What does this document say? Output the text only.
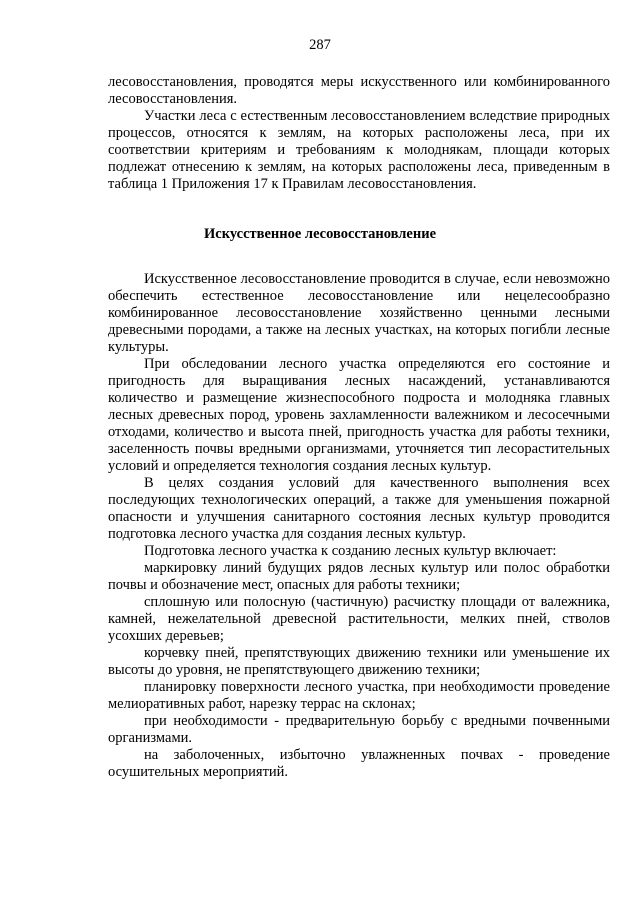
287

лесовосстановления, проводятся меры искусственного или комбинированного лесовосстановления.

Участки леса с естественным лесовосстановлением вследствие природных процессов, относятся к землям, на которых расположены леса, при их соответствии критериям и требованиям к молоднякам, площади которых подлежат отнесению к землям, на которых расположены леса, приведенным в таблица 1 Приложения 17 к Правилам лесовосстановления.

Искусственное лесовосстановление

Искусственное лесовосстановление проводится в случае, если невозможно обеспечить естественное лесовосстановление или нецелесообразно комбинированное лесовосстановление хозяйственно ценными лесными древесными породами, а также на лесных участках, на которых погибли лесные культуры.

При обследовании лесного участка определяются его состояние и пригодность для выращивания лесных насаждений, устанавливаются количество и размещение жизнеспособного подроста и молодняка главных лесных древесных пород, уровень захламленности валежником и лесосечными отходами, количество и высота пней, пригодность участка для работы техники, заселенность почвы вредными организмами, уточняется тип лесорастительных условий и определяется технология создания лесных культур.

В целях создания условий для качественного выполнения всех последующих технологических операций, а также для уменьшения пожарной опасности и улучшения санитарного состояния лесных культур проводится подготовка лесного участка для создания лесных культур.

Подготовка лесного участка к созданию лесных культур включает:

маркировку линий будущих рядов лесных культур или полос обработки почвы и обозначение мест, опасных для работы техники;

сплошную или полосную (частичную) расчистку площади от валежника, камней, нежелательной древесной растительности, мелких пней, стволов усохших деревьев;

корчевку пней, препятствующих движению техники или уменьшение их высоты до уровня, не препятствующего движению техники;

планировку поверхности лесного участка, при необходимости проведение мелиоративных работ, нарезку террас на склонах;

при необходимости - предварительную борьбу с вредными почвенными организмами.

на заболоченных, избыточно увлажненных почвах - проведение осушительных мероприятий.
